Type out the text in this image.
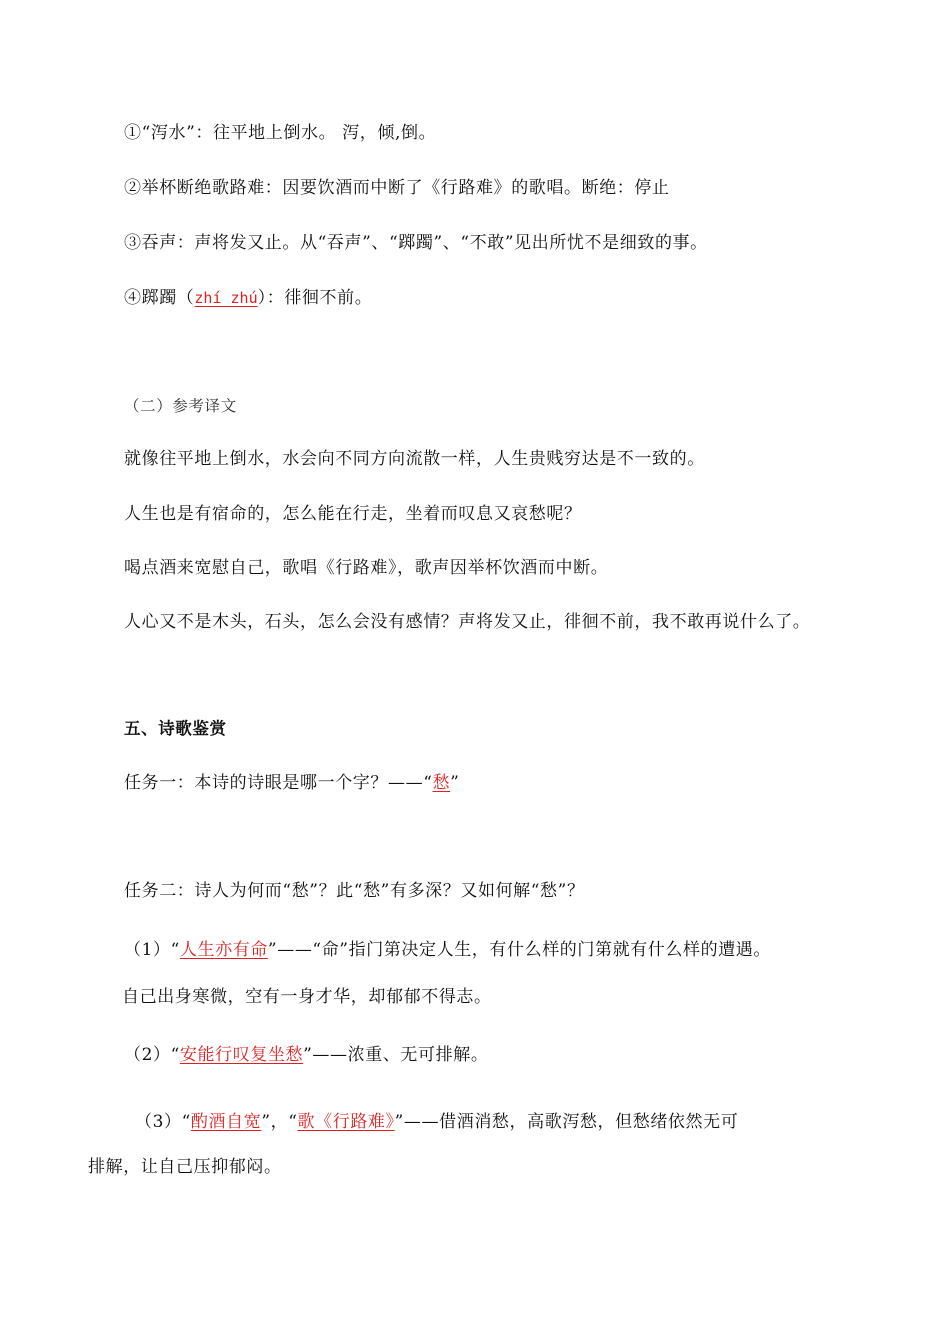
①“泻水”：往平地上倒水。 泻，倾,倒。
②举杯断绝歌路难：因要饮酒而中断了《行路难》的歌唱。断绝：停止
③吞声：声将发又止。从“吞声”、“踯躅”、“不敢”见出所忧不是细致的事。
④踯躅（zhí zhú）：徘徊不前。
（二）参考译文
就像往平地上倒水，水会向不同方向流散一样，人生贵贱穷达是不一致的。
人生也是有宿命的，怎么能在行走，坐着而叹息又哀愁呢？
喝点酒来宽慰自己，歌唱《行路难》，歌声因举杯饮酒而中断。
人心又不是木头，石头，怎么会没有感情？声将发又止，徘徊不前，我不敢再说什么了。
五、诗歌鉴赏
任务一：本诗的诗眼是哪一个字？——“愁”
任务二：诗人为何而“愁”？此“愁”有多深？又如何解“愁”？
（1）“人生亦有命”——“命”指门第决定人生，有什么样的门第就有什么样的遭遇。
自己出身寒微，空有一身才华，却郁郁不得志。
（2）“安能行叹复坐愁”——浓重、无可排解。
（3）“酌酒自宽”，“歌《行路难》”——借酒消愁，高歌泻愁，但愁绪依然无可
排解，让自己压抑郁闷。
